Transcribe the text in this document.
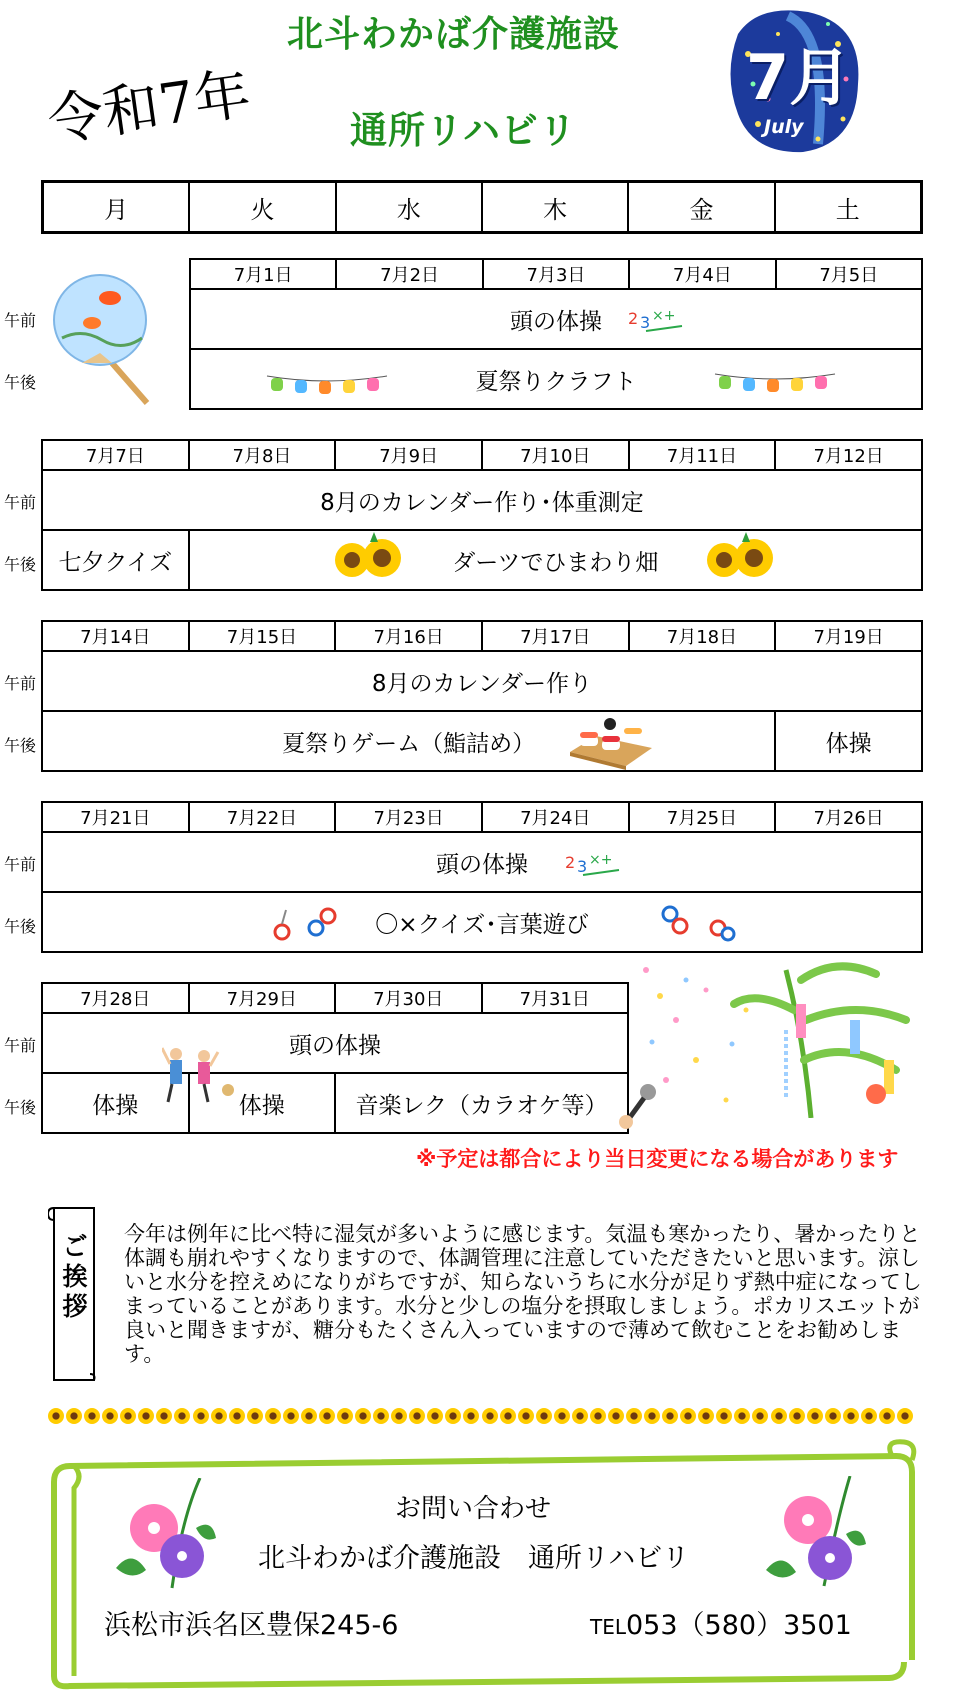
北斗わかば介護施設
通所リハビリ
令和7年	7月
July
月	火	水	木	金	土
午前
午後
7月1日	7月2日	7月3日	7月4日	7月5日
頭の体操
夏祭りクラフト
2 3 ×+
午前
午後
7月7日	7月8日	7月9日	7月10日	7月11日	7月12日
8月のカレンダー作り･体重測定					
七夕クイズ	ダーツでひまわり畑				
午前
午後
7月14日	7月15日	7月16日	7月17日	7月18日	7月19日
8月のカレンダー作り					
夏祭りゲーム（鮨詰め）					体操
午前
午後
7月21日	7月22日	7月23日	7月24日	7月25日	7月26日
頭の体操
〇×クイズ･言葉遊び
2 3 ×+
午前
午後
7月28日	7月29日	7月30日	7月31日
頭の体操			
体操	体操	音楽レク（カラオケ等）	
※予定は都合により当日変更になる場合があります
ご挨拶
今年は例年に比べ特に湿気が多いように感じます。気温も寒かったり、暑かったりと体調も崩れやすくなりますので、体調管理に注意していただきたいと思います。涼しいと水分を控えめになりがちですが、知らないうちに水分が足りず熱中症になってしまっていることがあります。水分と少しの塩分を摂取しましょう。ポカリスエットが良いと聞きますが、糖分もたくさん入っていますので薄めて飲むことをお勧めします。
お問い合わせ
北斗わかば介護施設　通所リハビリ
浜松市浜名区豊保245-6	TEL053（580）3501
